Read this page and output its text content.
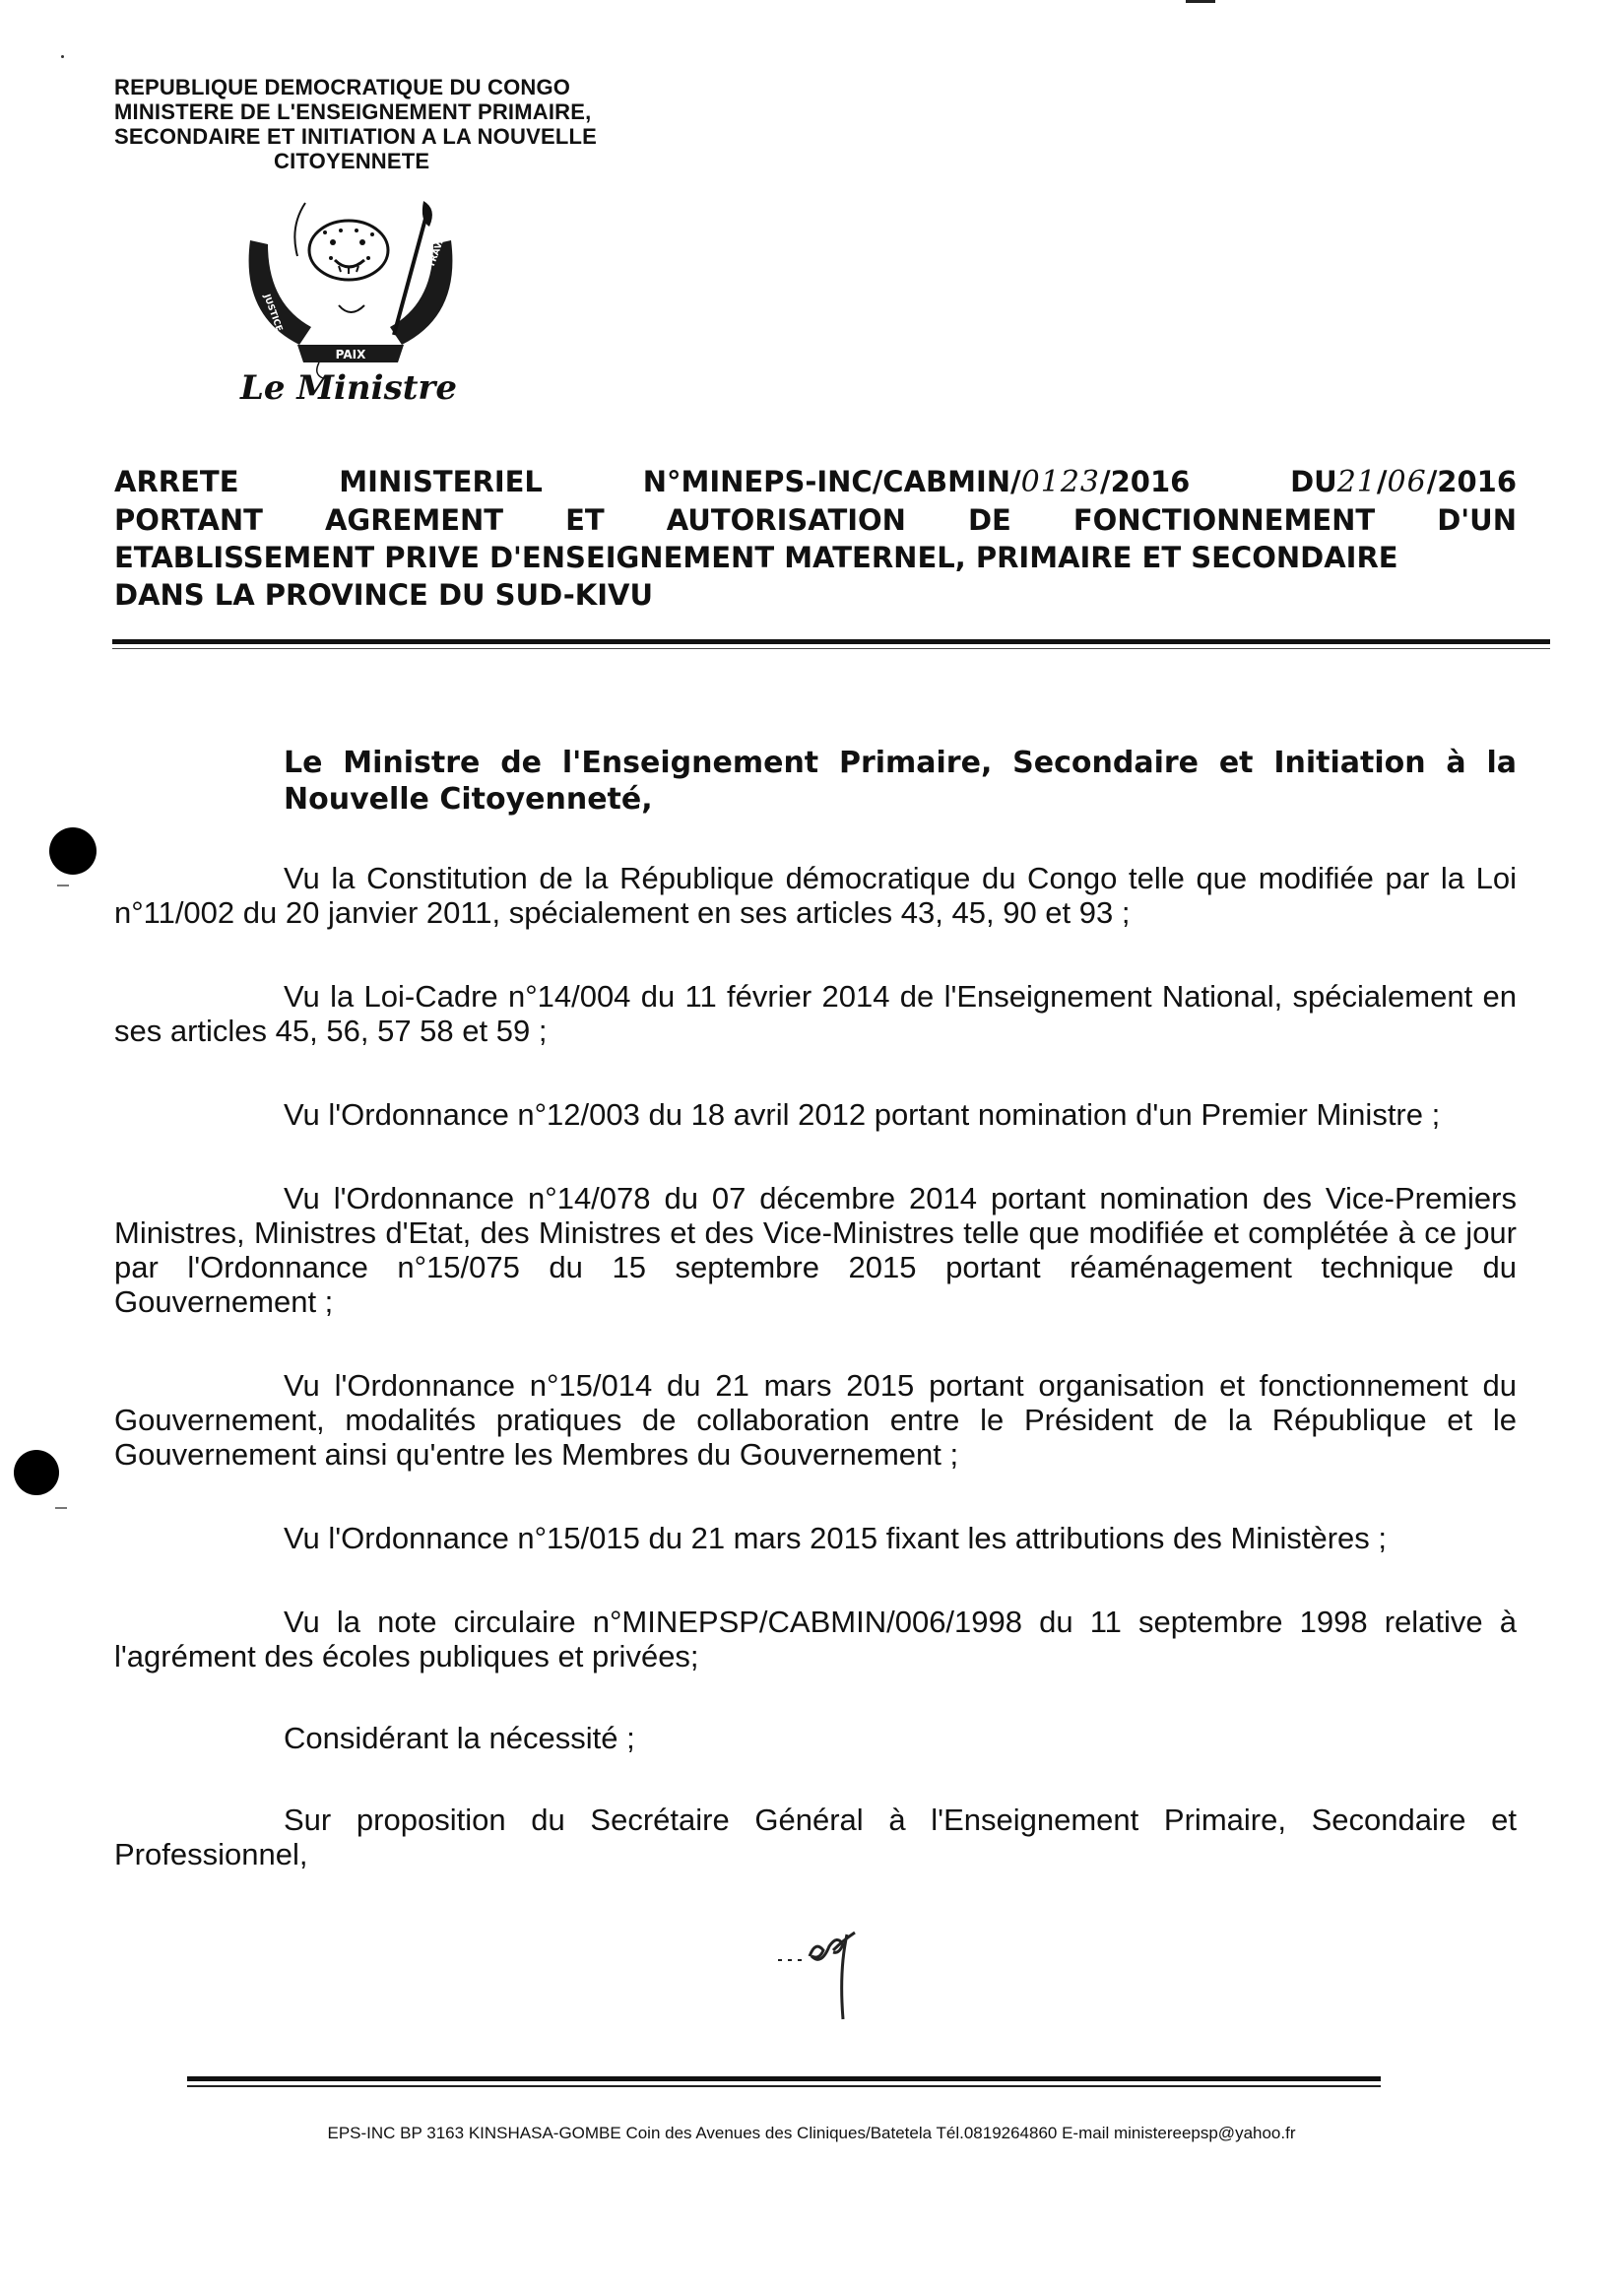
REPUBLIQUE DEMOCRATIQUE DU CONGO
MINISTERE DE L'ENSEIGNEMENT PRIMAIRE,
SECONDAIRE ET INITIATION A LA NOUVELLE
CITOYENNETE
PAIX
JUSTICE
TRAVAIL
Le Ministre
ARRETE	MINISTERIEL	N°MINEPS-INC/CABMIN/0123/2016	DU21/06/2016
PORTANT AGREMENT ET AUTORISATION DE FONCTIONNEMENT D'UN
ETABLISSEMENT PRIVE D'ENSEIGNEMENT MATERNEL, PRIMAIRE ET SECONDAIRE
DANS LA PROVINCE DU SUD-KIVU
Le Ministre de l'Enseignement Primaire, Secondaire et Initiation à la Nouvelle Citoyenneté,
Vu la Constitution de la République démocratique du Congo telle que modifiée par la Loi n°11/002 du 20 janvier 2011, spécialement en ses articles 43, 45, 90 et 93 ;
Vu la Loi-Cadre n°14/004 du 11 février 2014 de l'Enseignement National, spécialement en ses articles 45, 56, 57 58 et 59 ;
Vu l'Ordonnance n°12/003 du 18 avril 2012 portant nomination d'un Premier Ministre ;
Vu l'Ordonnance n°14/078 du 07 décembre 2014 portant nomination des Vice-Premiers Ministres, Ministres d'Etat, des Ministres et des Vice-Ministres telle que modifiée et complétée à ce jour par l'Ordonnance n°15/075 du 15 septembre 2015 portant réaménagement technique du Gouvernement ;
Vu l'Ordonnance n°15/014 du 21 mars 2015 portant organisation et fonctionnement du Gouvernement, modalités pratiques de collaboration entre le Président de la République et le Gouvernement ainsi qu'entre les Membres du Gouvernement ;
Vu l'Ordonnance n°15/015 du 21 mars 2015 fixant les attributions des Ministères ;
Vu la note circulaire n°MINEPSP/CABMIN/006/1998 du 11 septembre 1998 relative à l'agrément des écoles publiques et privées;
Considérant la nécessité ;
Sur proposition du Secrétaire Général à l'Enseignement Primaire, Secondaire et Professionnel,
EPS-INC BP 3163 KINSHASA-GOMBE Coin des Avenues des Cliniques/Batetela Tél.0819264860 E-mail ministereepsp@yahoo.fr
